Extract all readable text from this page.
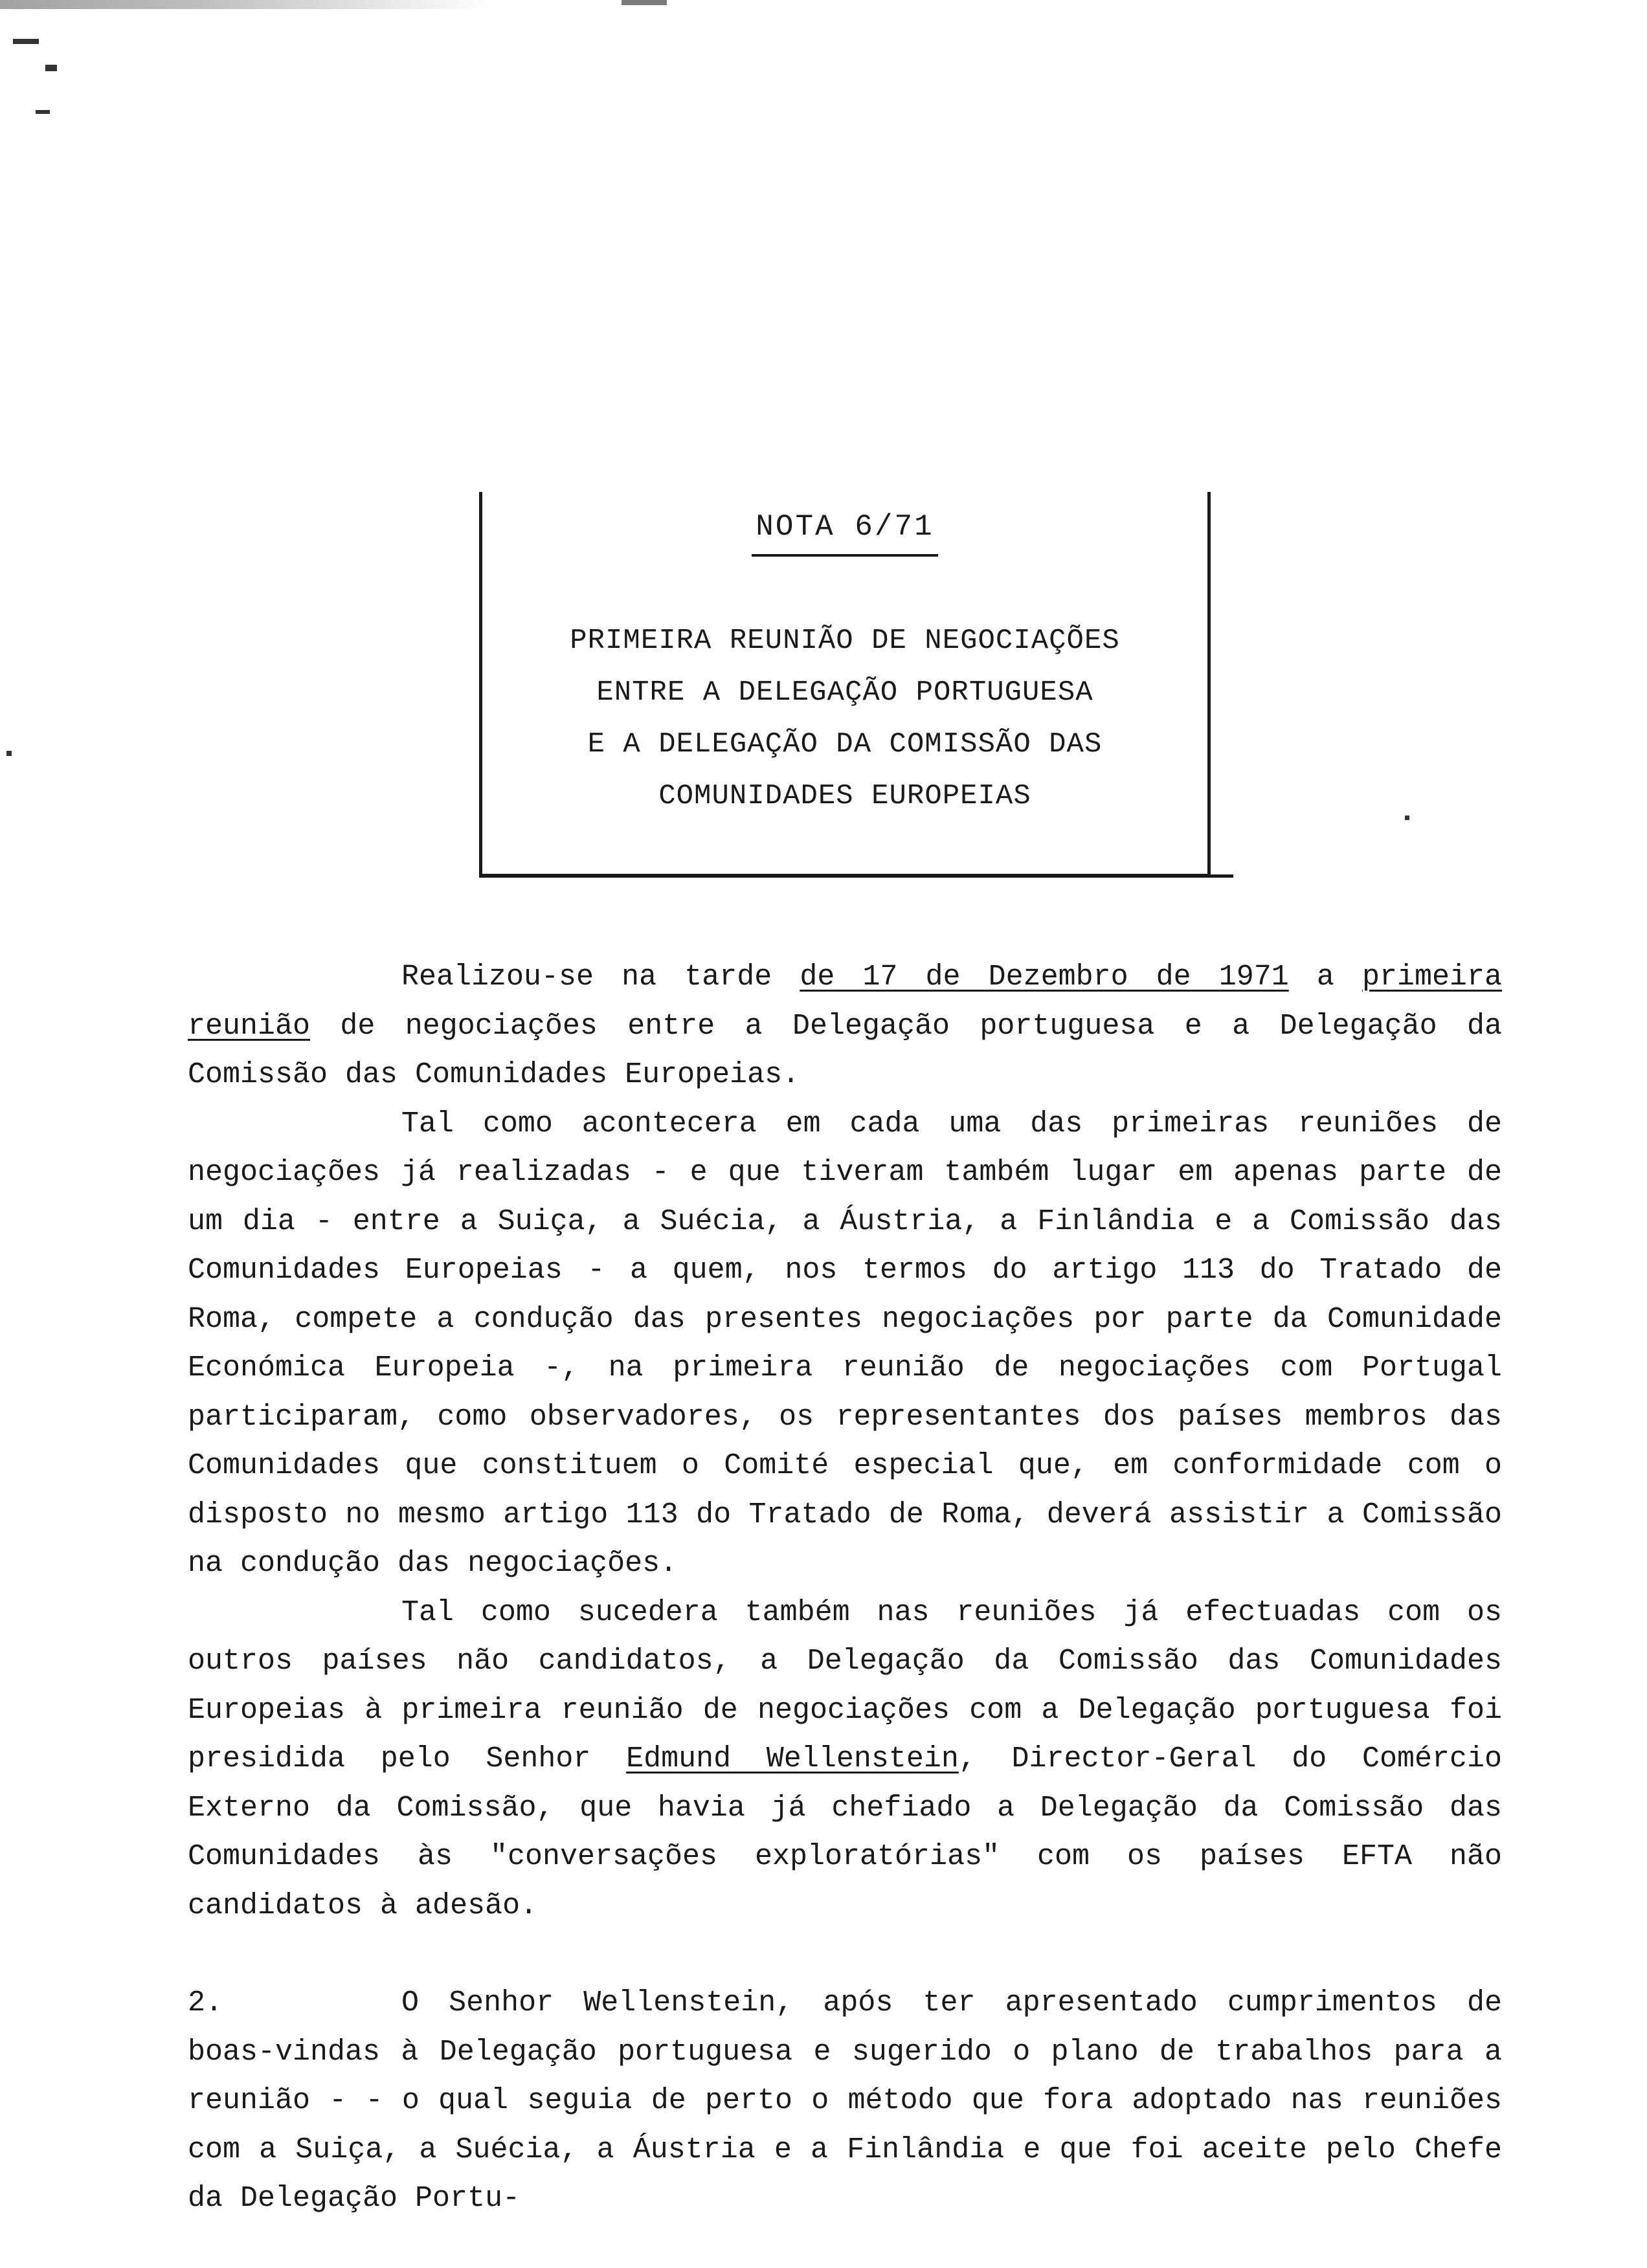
NOTA 6/71
PRIMEIRA REUNIÃO DE NEGOCIAÇÕES
ENTRE A DELEGAÇÃO PORTUGUESA
E A DELEGAÇÃO DA COMISSÃO DAS
COMUNIDADES EUROPEIAS

Realizou-se na tarde de 17 de Dezembro de 1971 a primeira reunião de negociações entre a Delegação portuguesa e a Delegação da Comissão das Comunidades Europeias.

Tal como acontecera em cada uma das primeiras reuniões de negociações já realizadas - e que tiveram também lugar em apenas parte de um dia - entre a Suiça, a Suécia, a Áustria, a Finlândia e a Comissão das Comunidades Europeias - a quem, nos termos do artigo 113 do Tratado de Roma, compete a condução das presentes negociações por parte da Comunidade Económica Europeia -, na primeira reunião de negociações com Portugal participaram, como observadores, os representantes dos países membros das Comunidades que constituem o Comité especial que, em conformidade com o disposto no mesmo artigo 113 do Tratado de Roma, deverá assistir a Comissão na condução das negociações.

Tal como sucedera também nas reuniões já efectuadas com os outros países não candidatos, a Delegação da Comissão das Comunidades Europeias à primeira reunião de negociações com a Delegação portuguesa foi presidida pelo Senhor Edmund Wellenstein, Director-Geral do Comércio Externo da Comissão, que havia já chefiado a Delegação da Comissão das Comunidades às "conversações exploratórias" com os países EFTA não candidatos à adesão.

2.	O Senhor Wellenstein, após ter apresentado cumprimentos de boas-vindas à Delegação portuguesa e sugerido o plano de trabalhos para a reunião - - o qual seguia de perto o método que fora adoptado nas reuniões com a Suiça, a Suécia, a Áustria e a Finlândia e que foi aceite pelo Chefe da Delegação Portu-
